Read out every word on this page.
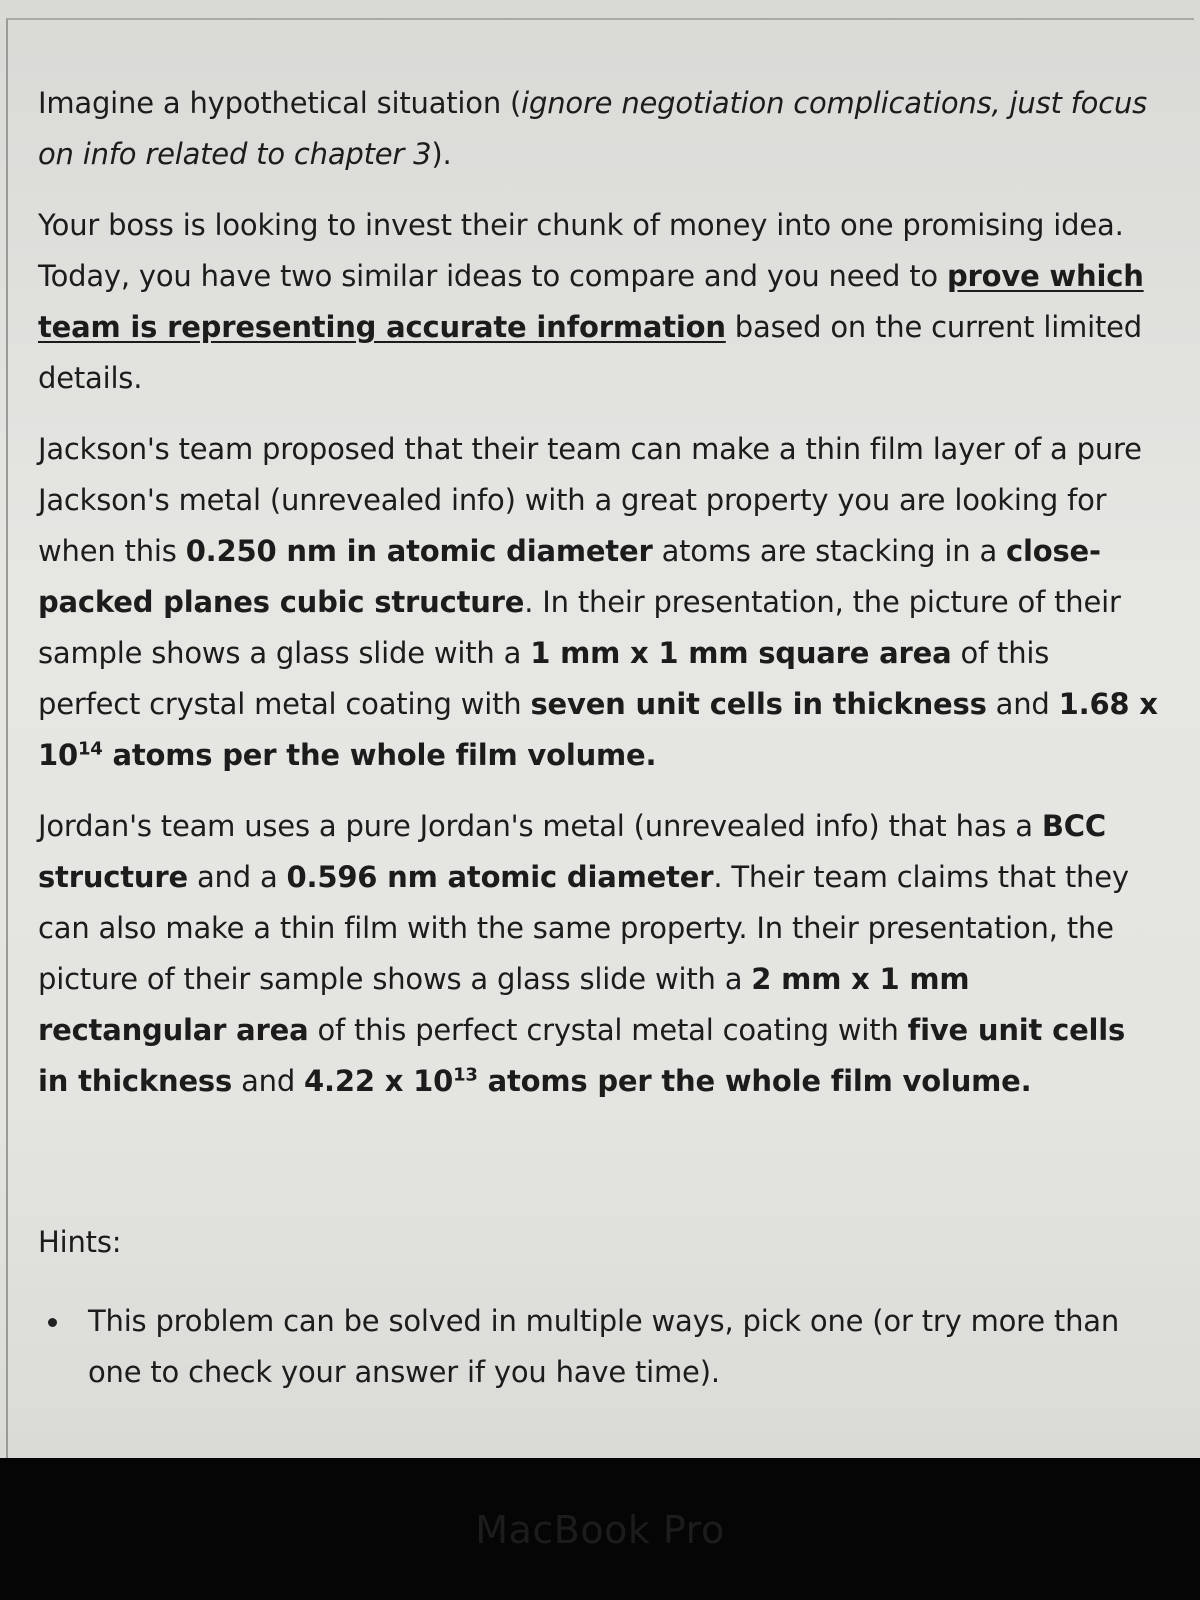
Imagine a hypothetical situation (ignore negotiation complications, just focus on info related to chapter 3).

Your boss is looking to invest their chunk of money into one promising idea. Today, you have two similar ideas to compare and you need to prove which team is representing accurate information based on the current limited details.

Jackson's team proposed that their team can make a thin film layer of a pure Jackson's metal (unrevealed info) with a great property you are looking for when this 0.250 nm in atomic diameter atoms are stacking in a close-packed planes cubic structure. In their presentation, the picture of their sample shows a glass slide with a 1 mm x 1 mm square area of this perfect crystal metal coating with seven unit cells in thickness and 1.68 x $10^{14}$ atoms per the whole film volume.

Jordan's team uses a pure Jordan's metal (unrevealed info) that has a BCC structure and a 0.596 nm atomic diameter. Their team claims that they can also make a thin film with the same property. In their presentation, the picture of their sample shows a glass slide with a 2 mm x 1 mm rectangular area of this perfect crystal metal coating with five unit cells in thickness and 4.22 x $10^{13}$ atoms per the whole film volume.

Hints:
This problem can be solved in multiple ways, pick one (or try more than one to check your answer if you have time).
MacBook Pro
